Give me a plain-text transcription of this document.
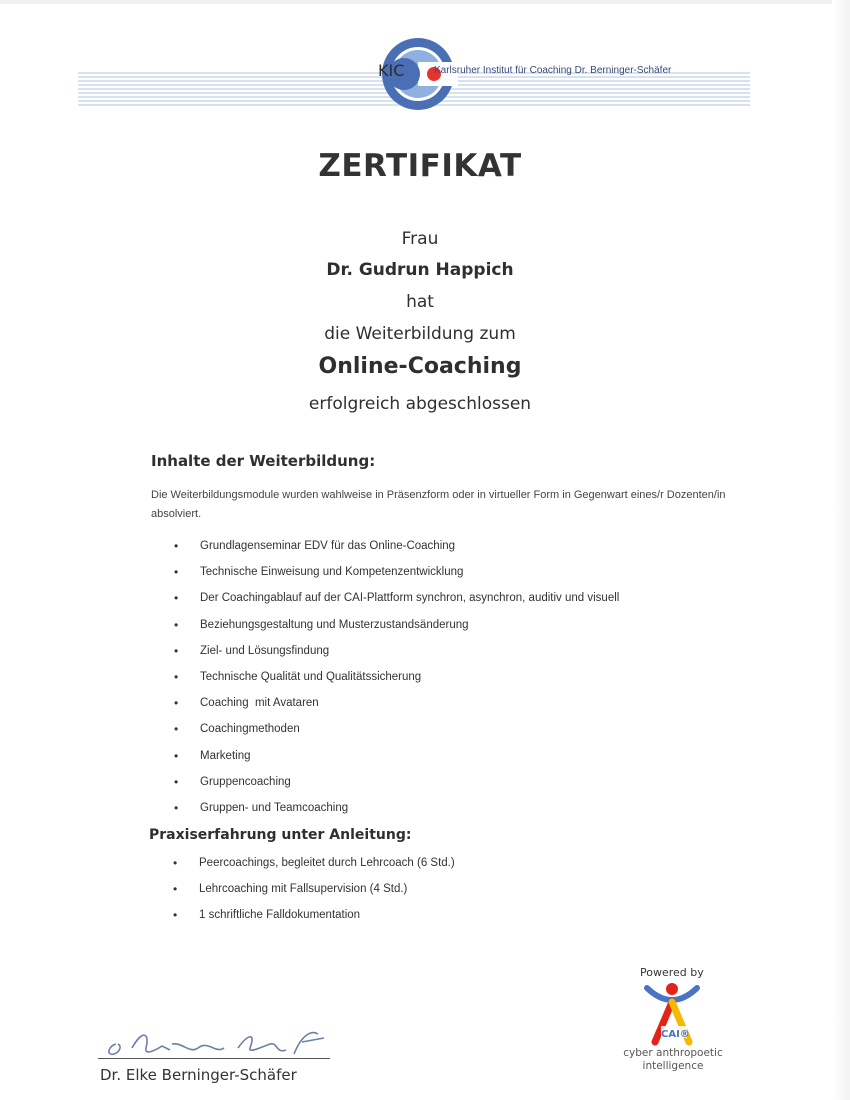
KIC	Karlsruher Institut für Coaching Dr. Berninger-Schäfer
ZERTIFIKAT
Frau
Dr. Gudrun Happich
hat
die Weiterbildung zum
Online-Coaching
erfolgreich abgeschlossen
Inhalte der Weiterbildung:
Die Weiterbildungsmodule wurden wahlweise in Präsenzform oder in virtueller Form in Gegenwart eines/r Dozenten/in absolviert.
• Grundlagenseminar EDV für das Online-Coaching
• Technische Einweisung und Kompetenzentwicklung
• Der Coachingablauf auf der CAI-Plattform synchron, asynchron, auditiv und visuell
• Beziehungsgestaltung und Musterzustandsänderung
• Ziel- und Lösungsfindung
• Technische Qualität und Qualitätssicherung
• Coaching  mit Avataren
• Coachingmethoden
• Marketing
• Gruppencoaching
• Gruppen- und Teamcoaching
Praxiserfahrung unter Anleitung:
• Peercoachings, begleitet durch Lehrcoach (6 Std.)
• Lehrcoaching mit Fallsupervision (4 Std.)
• 1 schriftliche Falldokumentation
Powered by
CAI®
cyber anthropoetic
intelligence
Dr. Elke Berninger-Schäfer
